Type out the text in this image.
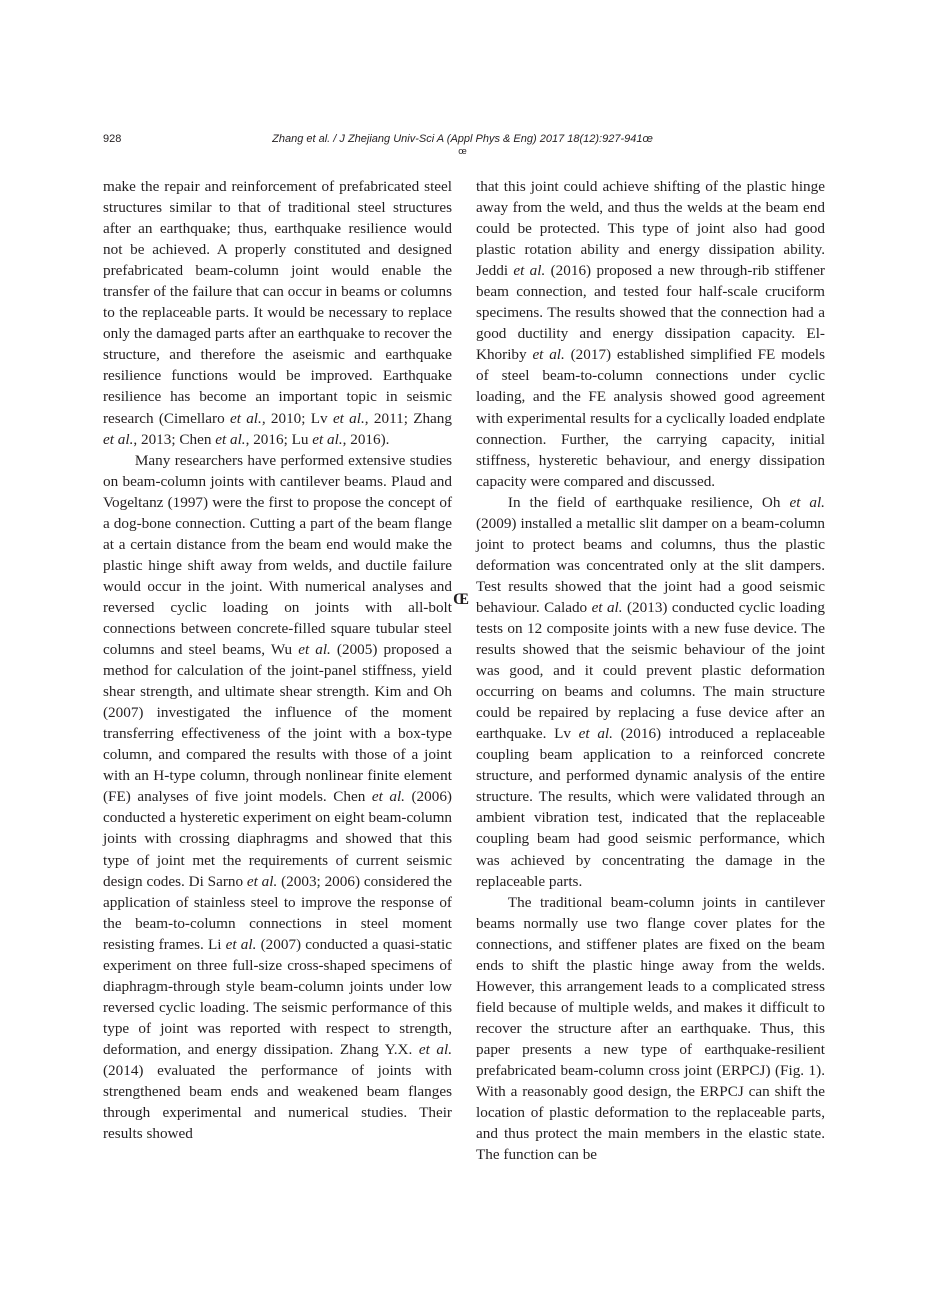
928	Zhang et al. / J Zhejiang Univ-Sci A (Appl Phys & Eng) 2017 18(12):927-941œ
œ

make the repair and reinforcement of prefabricated steel structures similar to that of traditional steel structures after an earthquake; thus, earthquake resilience would not be achieved. A properly constituted and designed prefabricated beam-column joint would enable the transfer of the failure that can occur in beams or columns to the replaceable parts. It would be necessary to replace only the damaged parts after an earthquake to recover the structure, and therefore the aseismic and earthquake resilience functions would be improved. Earthquake resilience has become an important topic in seismic research (Cimellaro et al., 2010; Lv et al., 2011; Zhang et al., 2013; Chen et al., 2016; Lu et al., 2016).

Many researchers have performed extensive studies on beam-column joints with cantilever beams. Plaud and Vogeltanz (1997) were the first to propose the concept of a dog-bone connection. Cutting a part of the beam flange at a certain distance from the beam end would make the plastic hinge shift away from welds, and ductile failure would occur in the joint. With numerical analyses and reversed cyclic loading on joints with all-bolt connections between concrete-filled square tubular steel columns and steel beams, Wu et al. (2005) proposed a method for calculation of the joint-panel stiffness, yield shear strength, and ultimate shear strength. Kim and Oh (2007) investigated the influence of the moment transferring effectiveness of the joint with a box-type column, and compared the results with those of a joint with an H-type column, through nonlinear finite element (FE) analyses of five joint models. Chen et al. (2006) conducted a hysteretic experiment on eight beam-column joints with crossing diaphragms and showed that this type of joint met the requirements of current seismic design codes. Di Sarno et al. (2003; 2006) considered the application of stainless steel to improve the response of the beam-to-column connections in steel moment resisting frames. Li et al. (2007) conducted a quasi-static experiment on three full-size cross-shaped specimens of diaphragm-through style beam-column joints under low reversed cyclic loading. The seismic performance of this type of joint was reported with respect to strength, deformation, and energy dissipation. Zhang Y.X. et al. (2014) evaluated the performance of joints with strengthened beam ends and weakened beam flanges through experimental and numerical studies. Their results showed

Œ

that this joint could achieve shifting of the plastic hinge away from the weld, and thus the welds at the beam end could be protected. This type of joint also had good plastic rotation ability and energy dissipation ability. Jeddi et al. (2016) proposed a new through-rib stiffener beam connection, and tested four half-scale cruciform specimens. The results showed that the connection had a good ductility and energy dissipation capacity. El-Khoriby et al. (2017) established simplified FE models of steel beam-to-column connections under cyclic loading, and the FE analysis showed good agreement with experimental results for a cyclically loaded endplate connection. Further, the carrying capacity, initial stiffness, hysteretic behaviour, and energy dissipation capacity were compared and discussed.

In the field of earthquake resilience, Oh et al. (2009) installed a metallic slit damper on a beam-column joint to protect beams and columns, thus the plastic deformation was concentrated only at the slit dampers. Test results showed that the joint had a good seismic behaviour. Calado et al. (2013) conducted cyclic loading tests on 12 composite joints with a new fuse device. The results showed that the seismic behaviour of the joint was good, and it could prevent plastic deformation occurring on beams and columns. The main structure could be repaired by replacing a fuse device after an earthquake. Lv et al. (2016) introduced a replaceable coupling beam application to a reinforced concrete structure, and performed dynamic analysis of the entire structure. The results, which were validated through an ambient vibration test, indicated that the replaceable coupling beam had good seismic performance, which was achieved by concentrating the damage in the replaceable parts.

The traditional beam-column joints in cantilever beams normally use two flange cover plates for the connections, and stiffener plates are fixed on the beam ends to shift the plastic hinge away from the welds. However, this arrangement leads to a complicated stress field because of multiple welds, and makes it difficult to recover the structure after an earthquake. Thus, this paper presents a new type of earthquake-resilient prefabricated beam-column cross joint (ERPCJ) (Fig. 1). With a reasonably good design, the ERPCJ can shift the location of plastic deformation to the replaceable parts, and thus protect the main members in the elastic state. The function can be
